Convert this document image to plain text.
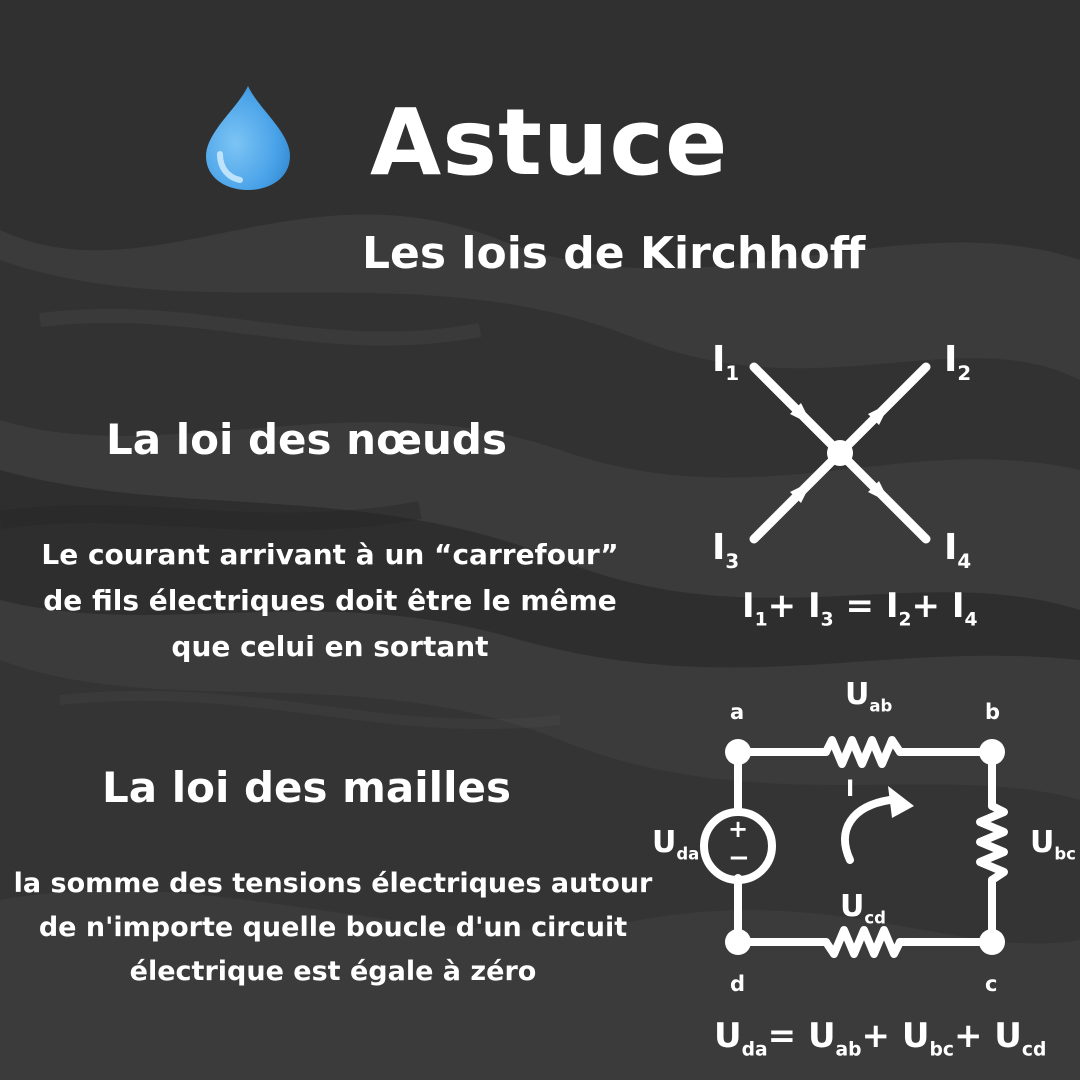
Astuce
Les lois de Kirchhoff
La loi des nœuds
Le courant arrivant à un “carrefour” de fils électriques doit être le même que celui en sortant
La loi des mailles
la somme des tensions électriques autour de n'importe quelle boucle d'un circuit électrique est égale à zéro
$I_1$	$I_2$
$I_3$	$I_4$
$I_1+ I_3 = I_2+ I_4$
a	b
c
d
$U_{ab}$
$U_{bc}$
$U_{cd}$
$U_{da}$
I
+
−
$U_{da}= U_{ab}+ U_{bc}+ U_{cd}$
